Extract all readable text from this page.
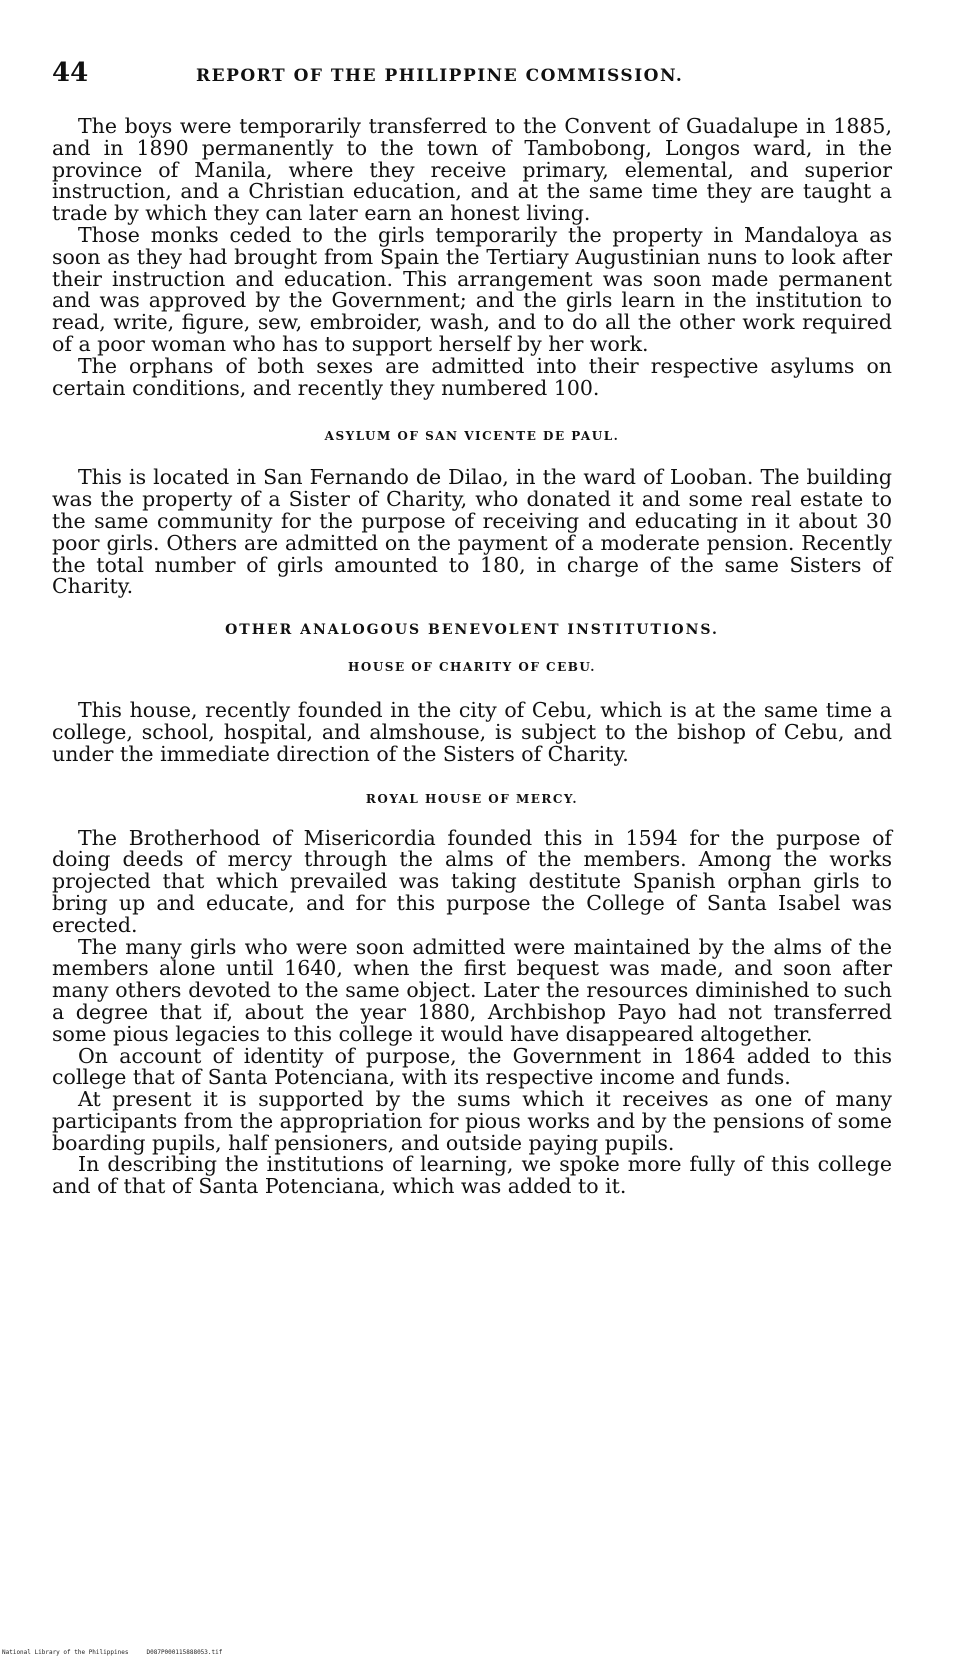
44	REPORT OF THE PHILIPPINE COMMISSION.

The boys were temporarily transferred to the Convent of Guadalupe in 1885, and in 1890 permanently to the town of Tambobong, Longos ward, in the province of Manila, where they receive primary, elemental, and superior instruction, and a Christian education, and at the same time they are taught a trade by which they can later earn an honest living.

Those monks ceded to the girls temporarily the property in Mandaloya as soon as they had brought from Spain the Tertiary Augustinian nuns to look after their instruction and education. This arrangement was soon made permanent and was approved by the Government; and the girls learn in the institution to read, write, figure, sew, embroider, wash, and to do all the other work required of a poor woman who has to support herself by her work.

The orphans of both sexes are admitted into their respective asylums on certain conditions, and recently they numbered 100.

ASYLUM OF SAN VICENTE DE PAUL.

This is located in San Fernando de Dilao, in the ward of Looban. The building was the property of a Sister of Charity, who donated it and some real estate to the same community for the purpose of receiving and educating in it about 30 poor girls. Others are admitted on the payment of a moderate pension. Recently the total number of girls amounted to 180, in charge of the same Sisters of Charity.

OTHER ANALOGOUS BENEVOLENT INSTITUTIONS.
HOUSE OF CHARITY OF CEBU.

This house, recently founded in the city of Cebu, which is at the same time a college, school, hospital, and almshouse, is subject to the bishop of Cebu, and under the immediate direction of the Sisters of Charity.

ROYAL HOUSE OF MERCY.

The Brotherhood of Misericordia founded this in 1594 for the purpose of doing deeds of mercy through the alms of the members. Among the works projected that which prevailed was taking destitute Spanish orphan girls to bring up and educate, and for this purpose the College of Santa Isabel was erected.

The many girls who were soon admitted were maintained by the alms of the members alone until 1640, when the first bequest was made, and soon after many others devoted to the same object. Later the resources diminished to such a degree that if, about the year 1880, Archbishop Payo had not transferred some pious legacies to this college it would have disappeared altogether.

On account of identity of purpose, the Government in 1864 added to this college that of Santa Potenciana, with its respective income and funds.

At present it is supported by the sums which it receives as one of many participants from the appropriation for pious works and by the pensions of some boarding pupils, half pensioners, and outside paying pupils.

In describing the institutions of learning, we spoke more fully of this college and of that of Santa Potenciana, which was added to it.

National Library of the Philippines	D087P000115888053.tif
